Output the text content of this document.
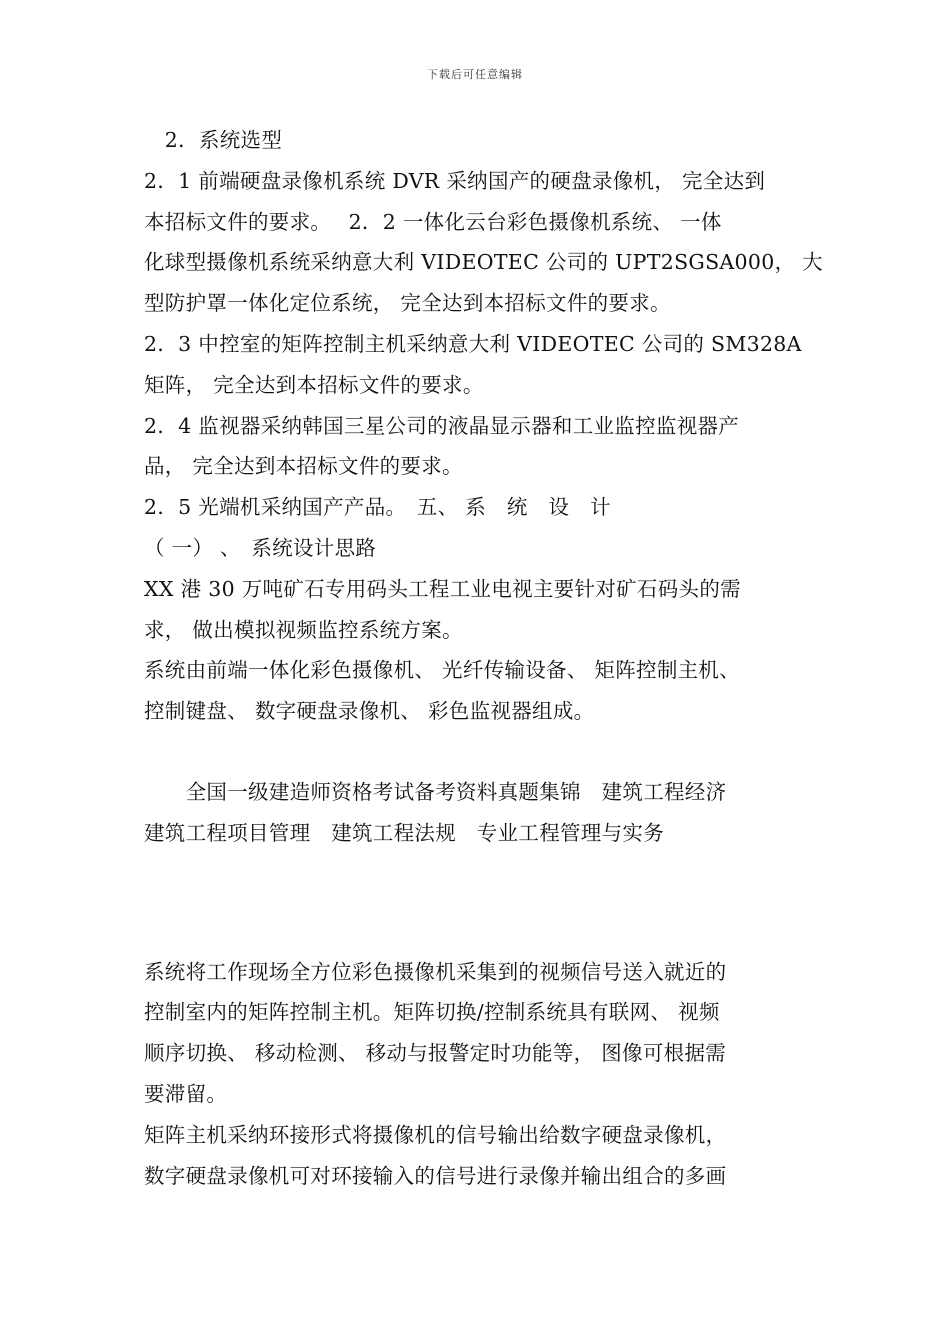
下载后可任意编辑
　2．系统选型
2．1 前端硬盘录像机系统 DVR 采纳国产的硬盘录像机， 完全达到
本招标文件的要求。　 2．2 一体化云台彩色摄像机系统、 一体
化球型摄像机系统采纳意大利 VIDEOTEC 公司的 UPT2SGSA000， 大
型防护罩一体化定位系统， 完全达到本招标文件的要求。
2．3 中控室的矩阵控制主机采纳意大利 VIDEOTEC 公司的 SM328A
矩阵， 完全达到本招标文件的要求。
2．4 监视器采纳韩国三星公司的液晶显示器和工业监控监视器产
品， 完全达到本招标文件的要求。
2．5 光端机采纳国产产品。　五、 系　统　设　计
（ 一） 、　系统设计思路
XX 港 30 万吨矿石专用码头工程工业电视主要针对矿石码头的需
求， 做出模拟视频监控系统方案。
系统由前端一体化彩色摄像机、 光纤传输设备、 矩阵控制主机、
控制键盘、 数字硬盘录像机、 彩色监视器组成。
　　全国一级建造师资格考试备考资料真题集锦　建筑工程经济
建筑工程项目管理　建筑工程法规　专业工程管理与实务
系统将工作现场全方位彩色摄像机采集到的视频信号送入就近的
控制室内的矩阵控制主机。矩阵切换/控制系统具有联网、 视频
顺序切换、 移动检测、 移动与报警定时功能等， 图像可根据需
要滞留。
矩阵主机采纳环接形式将摄像机的信号输出给数字硬盘录像机，
数字硬盘录像机可对环接输入的信号进行录像并输出组合的多画
